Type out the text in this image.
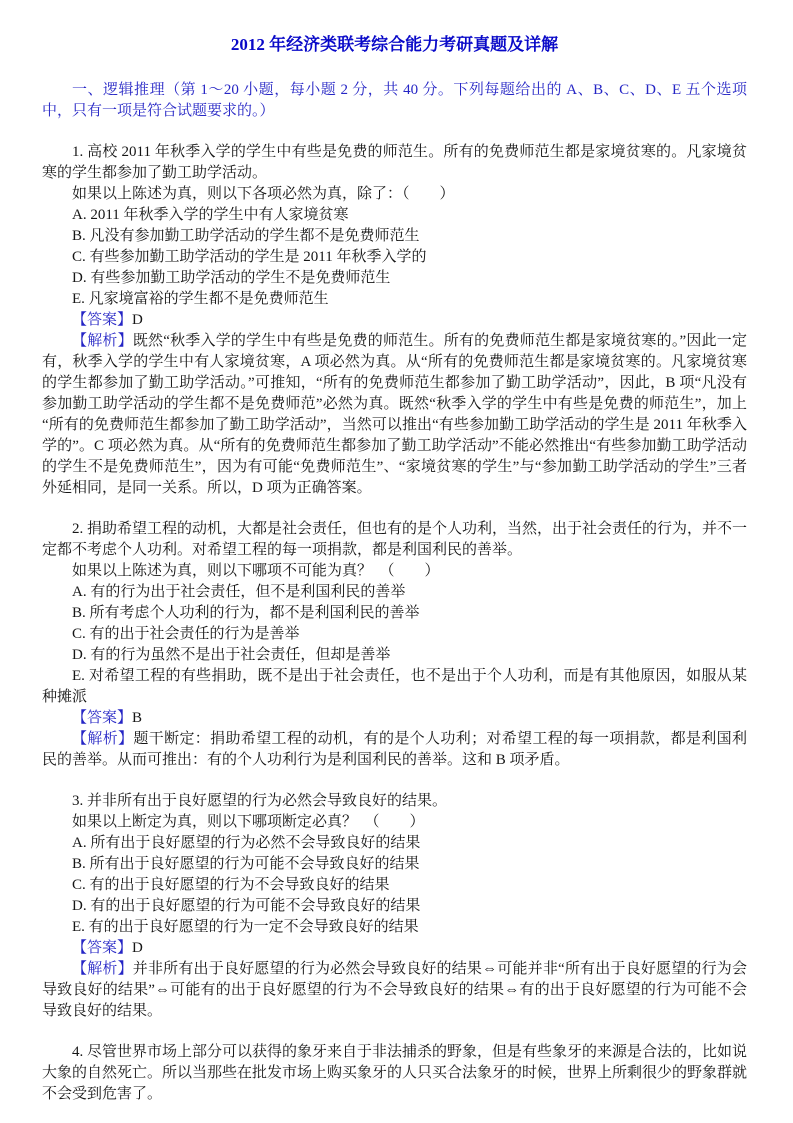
2012 年经济类联考综合能力考研真题及详解

一、逻辑推理（第 1～20 小题，每小题 2 分，共 40 分。下列每题给出的 A、B、C、D、E 五个选项中，只有一项是符合试题要求的。）

1. 高校 2011 年秋季入学的学生中有些是免费的师范生。所有的免费师范生都是家境贫寒的。凡家境贫寒的学生都参加了勤工助学活动。

如果以上陈述为真，则以下各项必然为真，除了：（　　）

A. 2011 年秋季入学的学生中有人家境贫寒

B. 凡没有参加勤工助学活动的学生都不是免费师范生

C. 有些参加勤工助学活动的学生是 2011 年秋季入学的

D. 有些参加勤工助学活动的学生不是免费师范生

E. 凡家境富裕的学生都不是免费师范生

【答案】D

【解析】既然“秋季入学的学生中有些是免费的师范生。所有的免费师范生都是家境贫寒的。”因此一定有，秋季入学的学生中有人家境贫寒，A 项必然为真。从“所有的免费师范生都是家境贫寒的。凡家境贫寒的学生都参加了勤工助学活动。”可推知，“所有的免费师范生都参加了勤工助学活动”，因此，B 项“凡没有参加勤工助学活动的学生都不是免费师范”必然为真。既然“秋季入学的学生中有些是免费的师范生”，加上“所有的免费师范生都参加了勤工助学活动”，当然可以推出“有些参加勤工助学活动的学生是 2011 年秋季入学的”。C 项必然为真。从“所有的免费师范生都参加了勤工助学活动”不能必然推出“有些参加勤工助学活动的学生不是免费师范生”，因为有可能“免费师范生”、“家境贫寒的学生”与“参加勤工助学活动的学生”三者外延相同，是同一关系。所以，D 项为正确答案。

2. 捐助希望工程的动机，大都是社会责任，但也有的是个人功利，当然，出于社会责任的行为，并不一定都不考虑个人功利。对希望工程的每一项捐款，都是利国利民的善举。

如果以上陈述为真，则以下哪项不可能为真？　（　　）

A. 有的行为出于社会责任，但不是利国利民的善举

B. 所有考虑个人功利的行为，都不是利国利民的善举

C. 有的出于社会责任的行为是善举

D. 有的行为虽然不是出于社会责任，但却是善举

E. 对希望工程的有些捐助，既不是出于社会责任，也不是出于个人功利，而是有其他原因，如服从某种摊派

【答案】B

【解析】题干断定：捐助希望工程的动机，有的是个人功利；对希望工程的每一项捐款，都是利国利民的善举。从而可推出：有的个人功利行为是利国利民的善举。这和 B 项矛盾。

3. 并非所有出于良好愿望的行为必然会导致良好的结果。

如果以上断定为真，则以下哪项断定必真？　（　　）

A. 所有出于良好愿望的行为必然不会导致良好的结果

B. 所有出于良好愿望的行为可能不会导致良好的结果

C. 有的出于良好愿望的行为不会导致良好的结果

D. 有的出于良好愿望的行为可能不会导致良好的结果

E. 有的出于良好愿望的行为一定不会导致良好的结果

【答案】D

【解析】并非所有出于良好愿望的行为必然会导致良好的结果⇔可能并非“所有出于良好愿望的行为会导致良好的结果”⇔可能有的出于良好愿望的行为不会导致良好的结果⇔有的出于良好愿望的行为可能不会导致良好的结果。

4. 尽管世界市场上部分可以获得的象牙来自于非法捕杀的野象，但是有些象牙的来源是合法的，比如说大象的自然死亡。所以当那些在批发市场上购买象牙的人只买合法象牙的时候，世界上所剩很少的野象群就不会受到危害了。
